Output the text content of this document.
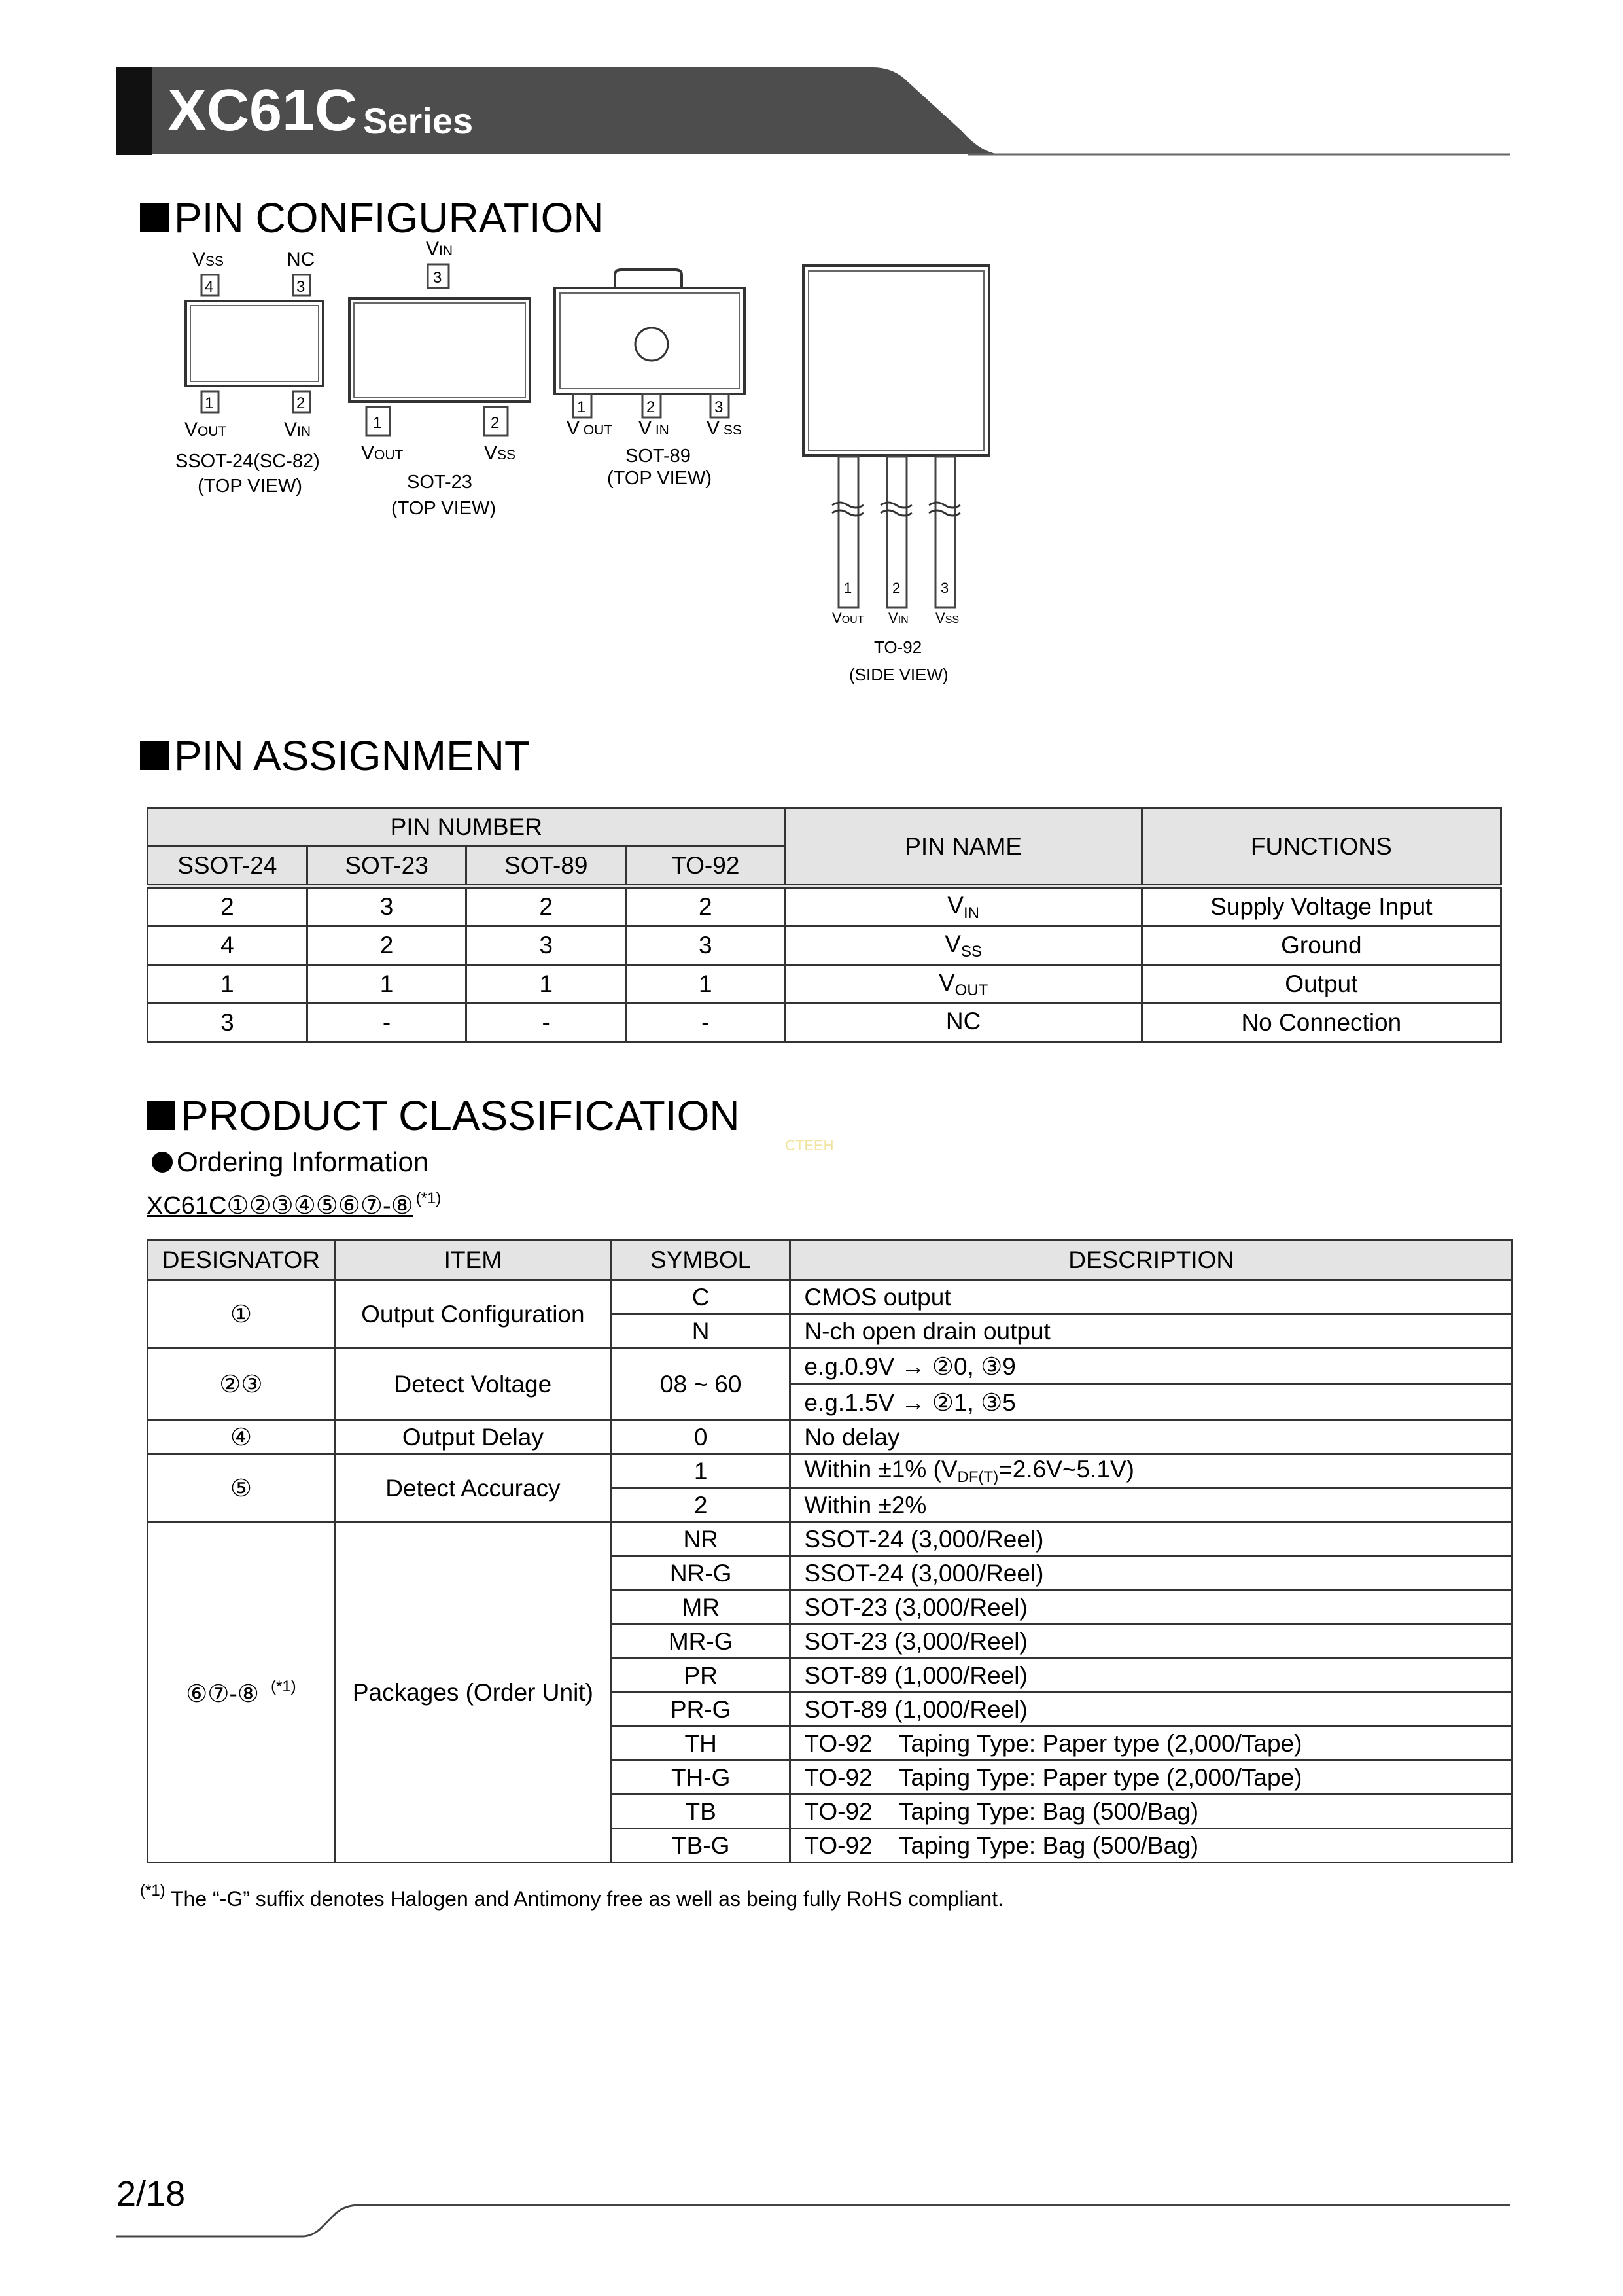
XC61C Series
PIN CONFIGURATION
VSS	NC
4	3
1	2
VOUT	VIN
SSOT-24(SC-82)
(TOP VIEW)
VIN
3
1	2
VOUT	VSS
SOT-23
(TOP VIEW)
1	2	3
V OUT V IN V SS
SOT-89
(TOP VIEW)
1	2	3
VOUT VIN VSS
TO-92
(SIDE VIEW)
PIN ASSIGNMENT
PIN NUMBER				PIN NAME	FUNCTIONS
SSOT-24	SOT-23	SOT-89	TO-92		
2	3	2	2	$V_{IN}$	Supply Voltage Input
4	2	3	3	$V_{SS}$	Ground
1	1	1	1	$V_{OUT}$	Output
3	-	-	-	NC	No Connection
PRODUCT CLASSIFICATION
CTEEH
Ordering Information
XC61C①②③④⑤⑥⑦-⑧ (*1)
DESIGNATOR	ITEM	SYMBOL	DESCRIPTION
①	Output Configuration	C	CMOS output
		N	N-ch open drain output
②③	Detect Voltage	08 ~ 60	e.g.0.9V → ②0, ③9
			e.g.1.5V → ②1, ③5
④	Output Delay	0	No delay
⑤	Detect Accuracy	1	Within ±1% $(V_{DF(T)}=2.6V\sim 5.1V)$
		2	Within ±2%
⑥⑦-⑧ $^{(*1)}$	Packages (Order Unit)	NR	SSOT-24 (3,000/Reel)
		NR-G	SSOT-24 (3,000/Reel)
		MR	SOT-23 (3,000/Reel)
		MR-G	SOT-23 (3,000/Reel)
		PR	SOT-89 (1,000/Reel)
		PR-G	SOT-89 (1,000/Reel)
		TH	TO-92    Taping Type: Paper type (2,000/Tape)
		TH-G	TO-92    Taping Type: Paper type (2,000/Tape)
		TB	TO-92    Taping Type: Bag (500/Bag)
		TB-G	TO-92    Taping Type: Bag (500/Bag)
$^{(*1)}$ The “-G” suffix denotes Halogen and Antimony free as well as being fully RoHS compliant.
2/18
